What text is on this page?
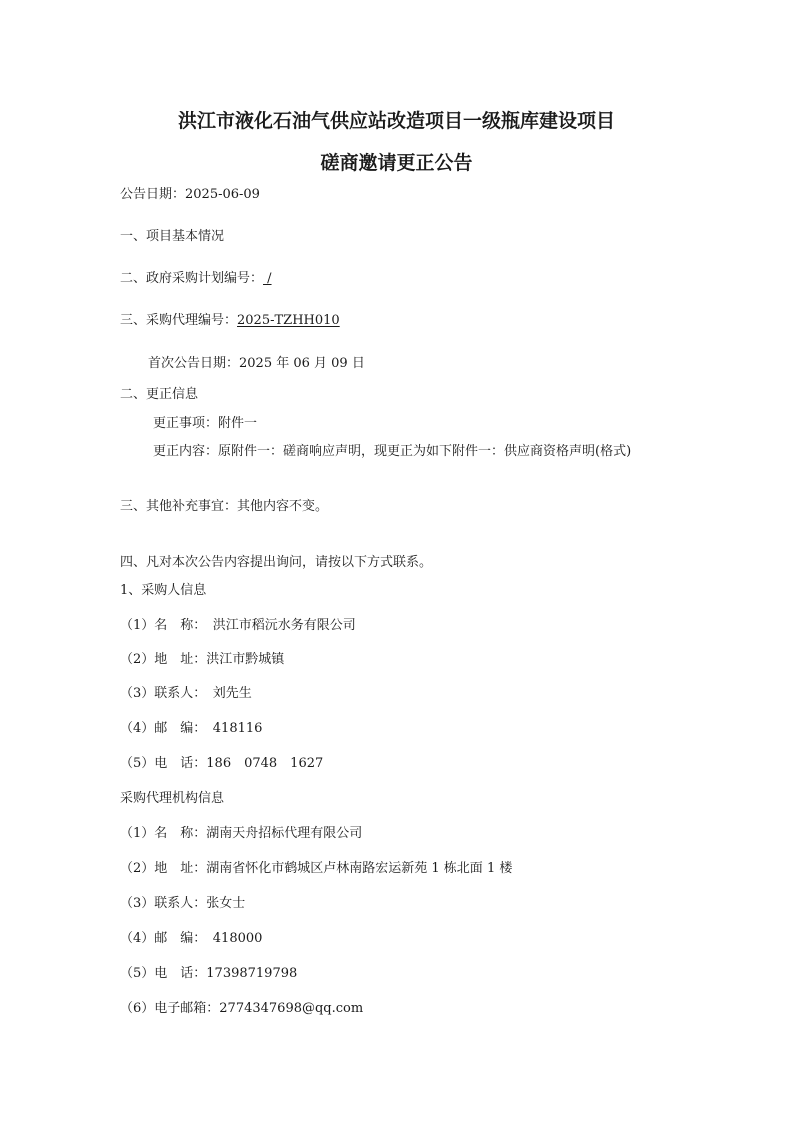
洪江市液化石油气供应站改造项目一级瓶库建设项目
磋商邀请更正公告
公告日期：2025-06-09
一、项目基本情况
二、政府采购计划编号： /
三、采购代理编号：2025-TZHH010
首次公告日期：2025 年 06 月 09 日
二、更正信息
更正事项：附件一
更正内容：原附件一：磋商响应声明，现更正为如下附件一：供应商资格声明(格式)
三、其他补充事宜：其他内容不变。
四、凡对本次公告内容提出询问，请按以下方式联系。
1、采购人信息
（1）名　称：　洪江市稻沅水务有限公司
（2）地　址：洪江市黔城镇
（3）联系人：　刘先生
（4）邮　编：　418116
（5）电　话：186　0748　1627
采购代理机构信息
（1）名　称：湖南天舟招标代理有限公司
（2）地　址：湖南省怀化市鹤城区卢林南路宏运新苑 1 栋北面 1 楼
（3）联系人：张女士
（4）邮　编：　418000
（5）电　话：17398719798
（6）电子邮箱：2774347698@qq.com
